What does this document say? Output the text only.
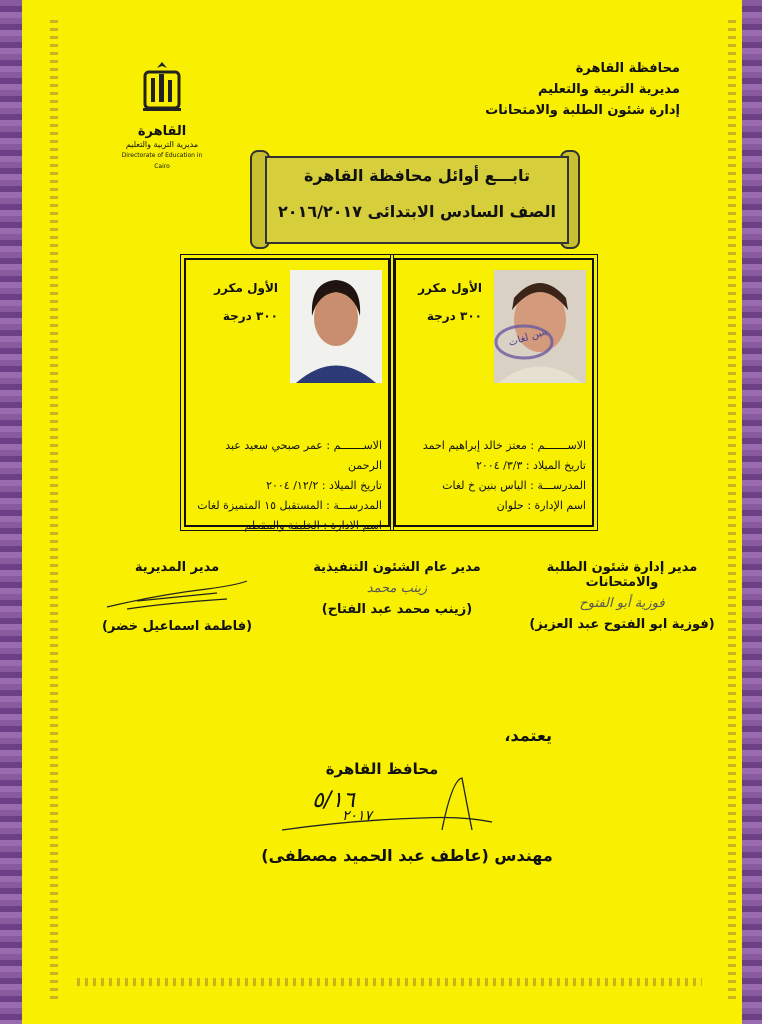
القاهرة
مديرية التربية والتعليم
Directorate of Education in Cairo
محافظة القاهرة
مديرية التربية والتعليم
إدارة شئون الطلبة والامتحانات
تابـــع أوائل محافظة القاهرة
الصف السادس الابتدائى ٢٠١٦/٢٠١٧
بنين لغات
الأول مكرر
٣٠٠ درجة
الاســـــــم : معتز خالد إبراهيم احمد
تاريخ الميلاد : ٣/٣/ ٢٠٠٤
المدرســـة : الياس بنين خ لغات
اسم الإدارة : حلوان
الأول مكرر
٣٠٠ درجة
الاســـــــم : عمر صبحي سعيد عبد الرحمن
تاريخ الميلاد : ١٢/٢/ ٢٠٠٤
المدرســـة : المستقبل ١٥ المتميزة لغات
اسم الادارة : الخليفة والمقطم
مدير إدارة شئون الطلبة والامتحانات
فوزية أبو الفتوح
(فوزية ابو الفتوح عبد العزيز)
مدير عام الشئون التنفيذية
زينب محمد
(زينب محمد عبد الفتاح)
مدير المديرية
(فاطمة اسماعيل خضر)
يعتمد،
محافظ القاهرة
٥/١٦
٢٠١٧
مهندس (عاطف عبد الحميد مصطفى)
